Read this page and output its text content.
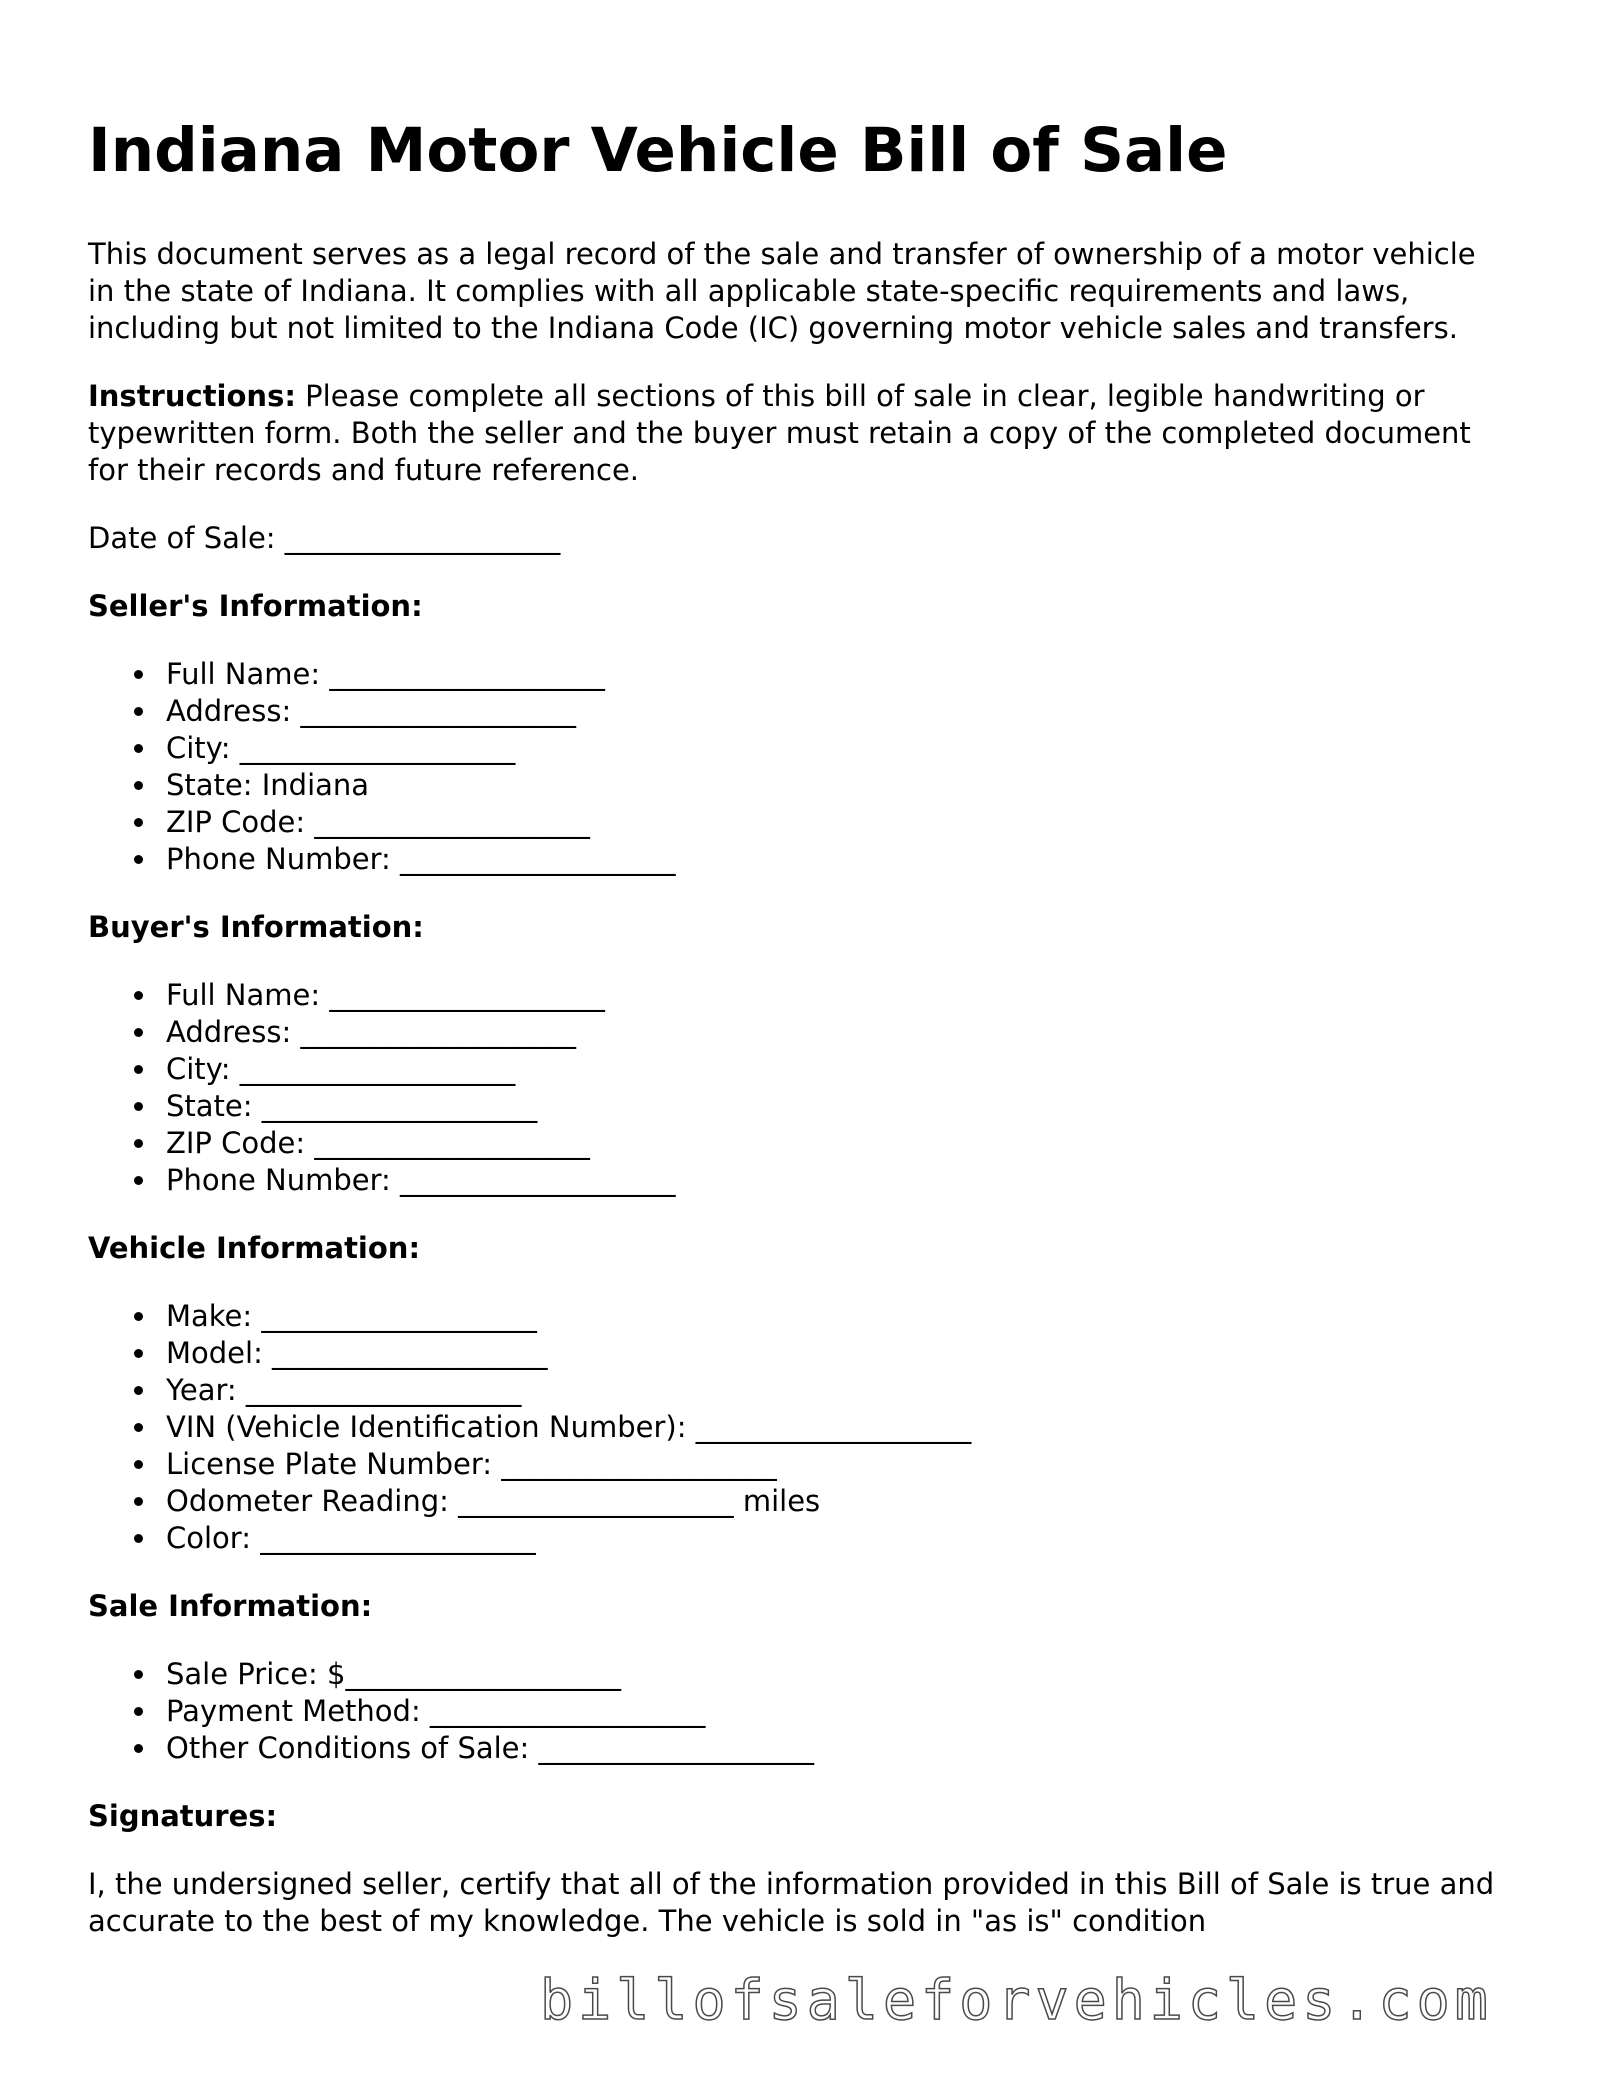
Indiana Motor Vehicle Bill of Sale

This document serves as a legal record of the sale and transfer of ownership of a motor vehicle in the state of Indiana. It complies with all applicable state-specific requirements and laws, including but not limited to the Indiana Code (IC) governing motor vehicle sales and transfers.

Instructions: Please complete all sections of this bill of sale in clear, legible handwriting or typewritten form. Both the seller and the buyer must retain a copy of the completed document for their records and future reference.

Date of Sale: ___________________

Seller's Information:
Full Name: ___________________
Address: ___________________
City: ___________________
State: Indiana
ZIP Code: ___________________
Phone Number: ___________________
Buyer's Information:
Full Name: ___________________
Address: ___________________
City: ___________________
State: ___________________
ZIP Code: ___________________
Phone Number: ___________________
Vehicle Information:
Make: ___________________
Model: ___________________
Year: ___________________
VIN (Vehicle Identification Number): ___________________
License Plate Number: ___________________
Odometer Reading: ___________________ miles
Color: ___________________
Sale Information:
Sale Price: $___________________
Payment Method: ___________________
Other Conditions of Sale: ___________________
Signatures:

I, the undersigned seller, certify that all of the information provided in this Bill of Sale is true and accurate to the best of my knowledge. The vehicle is sold in "as is" condition

billofsaleforvehicles.com
